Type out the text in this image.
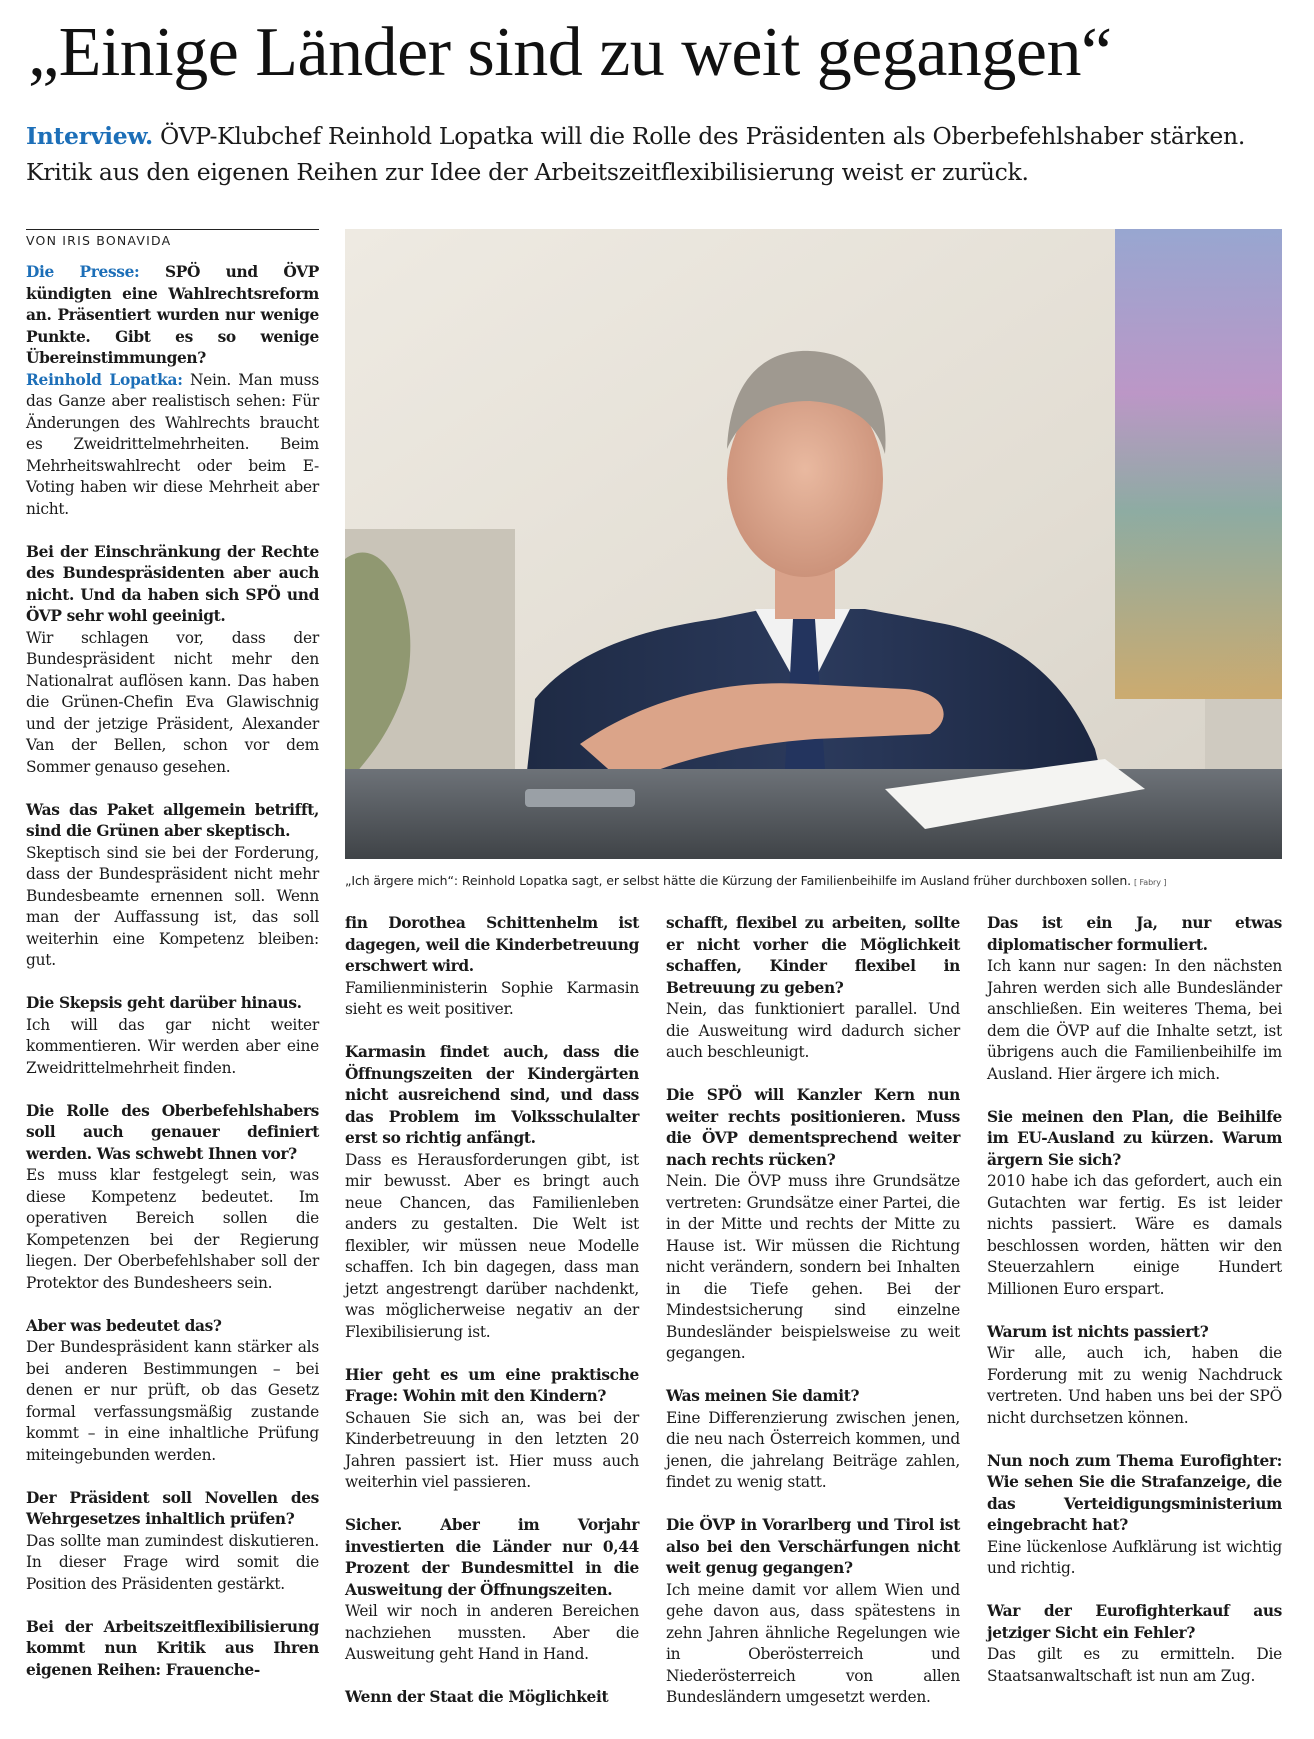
„Einige Länder sind zu weit gegangen“

Interview. ÖVP-Klubchef Reinhold Lopatka will die Rolle des Präsidenten als Oberbefehlshaber stärken. Kritik aus den eigenen Reihen zur Idee der Arbeitszeitflexibilisierung weist er zurück.

VON IRIS BONAVIDA
„Ich ärgere mich“: Reinhold Lopatka sagt, er selbst hätte die Kürzung der Familienbeihilfe im Ausland früher durchboxen sollen. [ Fabry ]

Die Presse: SPÖ und ÖVP kündigten eine Wahlrechtsreform an. Präsentiert wurden nur wenige Punkte. Gibt es so wenige Übereinstimmungen?
Reinhold Lopatka: Nein. Man muss das Ganze aber realistisch sehen: Für Änderungen des Wahlrechts braucht es Zweidrittelmehrheiten. Beim Mehrheitswahlrecht oder beim E-Voting haben wir diese Mehrheit aber nicht.

Bei der Einschränkung der Rechte des Bundespräsidenten aber auch nicht. Und da haben sich SPÖ und ÖVP sehr wohl geeinigt.
Wir schlagen vor, dass der Bundespräsident nicht mehr den Nationalrat auflösen kann. Das haben die Grünen-Chefin Eva Glawischnig und der jetzige Präsident, Alexander Van der Bellen, schon vor dem Sommer genauso gesehen.

Was das Paket allgemein betrifft, sind die Grünen aber skeptisch.
Skeptisch sind sie bei der Forderung, dass der Bundespräsident nicht mehr Bundesbeamte ernennen soll. Wenn man der Auffassung ist, das soll weiterhin eine Kompetenz bleiben: gut.

Die Skepsis geht darüber hinaus.
Ich will das gar nicht weiter kommentieren. Wir werden aber eine Zweidrittelmehrheit finden.

Die Rolle des Oberbefehlshabers soll auch genauer definiert werden. Was schwebt Ihnen vor?
Es muss klar festgelegt sein, was diese Kompetenz bedeutet. Im operativen Bereich sollen die Kompetenzen bei der Regierung liegen. Der Oberbefehlshaber soll der Protektor des Bundesheers sein.

Aber was bedeutet das?
Der Bundespräsident kann stärker als bei anderen Bestimmungen – bei denen er nur prüft, ob das Gesetz formal verfassungsmäßig zustande kommt – in eine inhaltliche Prüfung miteingebunden werden.

Der Präsident soll Novellen des Wehrgesetzes inhaltlich prüfen?
Das sollte man zumindest diskutieren. In dieser Frage wird somit die Position des Präsidenten gestärkt.

Bei der Arbeitszeitflexibilisierung kommt nun Kritik aus Ihren eigenen Reihen: Frauenche-

fin Dorothea Schittenhelm ist dagegen, weil die Kinderbetreuung erschwert wird.
Familienministerin Sophie Karmasin sieht es weit positiver.

Karmasin findet auch, dass die Öffnungszeiten der Kindergärten nicht ausreichend sind, und dass das Problem im Volksschulalter erst so richtig anfängt.
Dass es Herausforderungen gibt, ist mir bewusst. Aber es bringt auch neue Chancen, das Familienleben anders zu gestalten. Die Welt ist flexibler, wir müssen neue Modelle schaffen. Ich bin dagegen, dass man jetzt angestrengt darüber nachdenkt, was möglicherweise negativ an der Flexibilisierung ist.

Hier geht es um eine praktische Frage: Wohin mit den Kindern?
Schauen Sie sich an, was bei der Kinderbetreuung in den letzten 20 Jahren passiert ist. Hier muss auch weiterhin viel passieren.

Sicher. Aber im Vorjahr investierten die Länder nur 0,44 Prozent der Bundesmittel in die Ausweitung der Öffnungszeiten.
Weil wir noch in anderen Bereichen nachziehen mussten. Aber die Ausweitung geht Hand in Hand.

Wenn der Staat die Möglichkeit

schafft, flexibel zu arbeiten, sollte er nicht vorher die Möglichkeit schaffen, Kinder flexibel in Betreuung zu geben?
Nein, das funktioniert parallel. Und die Ausweitung wird dadurch sicher auch beschleunigt.

Die SPÖ will Kanzler Kern nun weiter rechts positionieren. Muss die ÖVP dementsprechend weiter nach rechts rücken?
Nein. Die ÖVP muss ihre Grundsätze vertreten: Grundsätze einer Partei, die in der Mitte und rechts der Mitte zu Hause ist. Wir müssen die Richtung nicht verändern, sondern bei Inhalten in die Tiefe gehen. Bei der Mindestsicherung sind einzelne Bundesländer beispielsweise zu weit gegangen.

Was meinen Sie damit?
Eine Differenzierung zwischen jenen, die neu nach Österreich kommen, und jenen, die jahrelang Beiträge zahlen, findet zu wenig statt.

Die ÖVP in Vorarlberg und Tirol ist also bei den Verschärfungen nicht weit genug gegangen?
Ich meine damit vor allem Wien und gehe davon aus, dass spätestens in zehn Jahren ähnliche Regelungen wie in Oberösterreich und Niederösterreich von allen Bundesländern umgesetzt werden.

Das ist ein Ja, nur etwas diplomatischer formuliert.
Ich kann nur sagen: In den nächsten Jahren werden sich alle Bundesländer anschließen. Ein weiteres Thema, bei dem die ÖVP auf die Inhalte setzt, ist übrigens auch die Familienbeihilfe im Ausland. Hier ärgere ich mich.

Sie meinen den Plan, die Beihilfe im EU-Ausland zu kürzen. Warum ärgern Sie sich?
2010 habe ich das gefordert, auch ein Gutachten war fertig. Es ist leider nichts passiert. Wäre es damals beschlossen worden, hätten wir den Steuerzahlern einige Hundert Millionen Euro erspart.

Warum ist nichts passiert?
Wir alle, auch ich, haben die Forderung mit zu wenig Nachdruck vertreten. Und haben uns bei der SPÖ nicht durchsetzen können.

Nun noch zum Thema Eurofighter: Wie sehen Sie die Strafanzeige, die das Verteidigungsministerium eingebracht hat?
Eine lückenlose Aufklärung ist wichtig und richtig.

War der Eurofighterkauf aus jetziger Sicht ein Fehler?
Das gilt es zu ermitteln. Die Staatsanwaltschaft ist nun am Zug.
